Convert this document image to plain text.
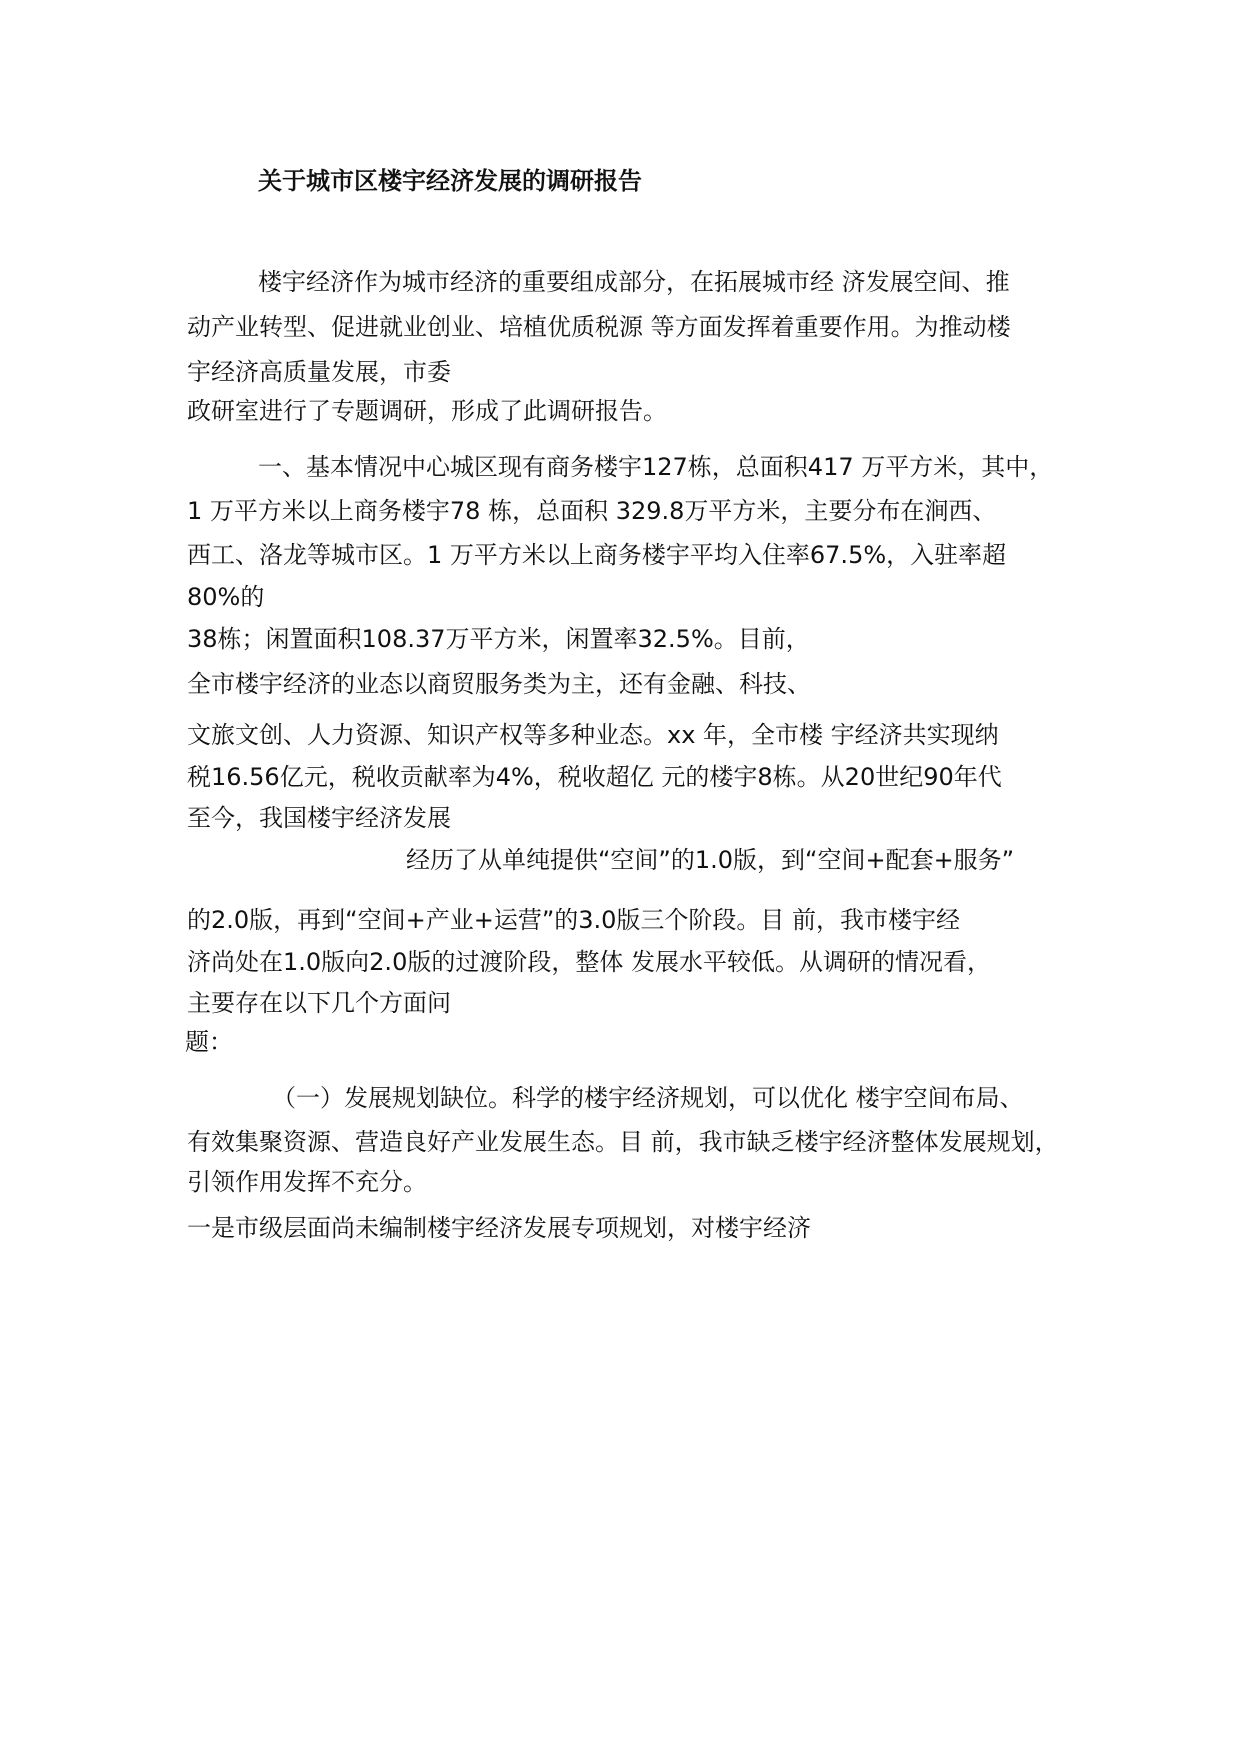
关于城市区楼宇经济发展的调研报告
楼宇经济作为城市经济的重要组成部分，在拓展城市经 济发展空间、推
动产业转型、促进就业创业、培植优质税源 等方面发挥着重要作用。为推动楼
宇经济高质量发展，市委
政研室进行了专题调研，形成了此调研报告。
一、基本情况中心城区现有商务楼宇127栋，总面积417 万平方米，其中，
1 万平方米以上商务楼宇78 栋，总面积 329.8万平方米，主要分布在涧西、
西工、洛龙等城市区。1 万平方米以上商务楼宇平均入住率67.5%，入驻率超
80%的
38栋；闲置面积108.37万平方米，闲置率32.5%。目前，
全市楼宇经济的业态以商贸服务类为主，还有金融、科技、
文旅文创、人力资源、知识产权等多种业态。xx 年，全市楼 宇经济共实现纳
税16.56亿元，税收贡献率为4%，税收超亿 元的楼宇8栋。从20世纪90年代
至今，我国楼宇经济发展
经历了从单纯提供“空间”的1.0版，到“空间+配套+服务”
的2.0版，再到“空间+产业+运营”的3.0版三个阶段。目 前，我市楼宇经
济尚处在1.0版向2.0版的过渡阶段，整体 发展水平较低。从调研的情况看，
主要存在以下几个方面问
题：
（一）发展规划缺位。科学的楼宇经济规划，可以优化 楼宇空间布局、
有效集聚资源、营造良好产业发展生态。目 前，我市缺乏楼宇经济整体发展规划，
引领作用发挥不充分。
一是市级层面尚未编制楼宇经济发展专项规划，对楼宇经济
